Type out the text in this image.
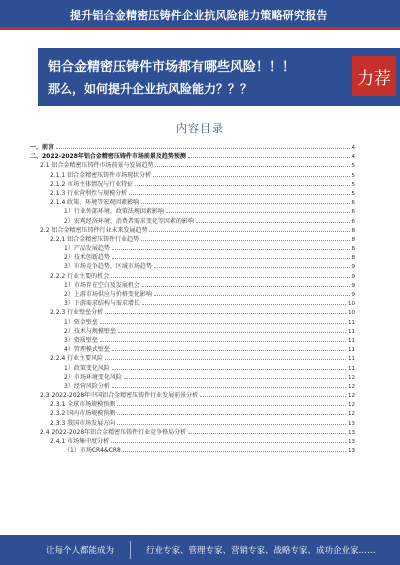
提升铝合金精密压铸件企业抗风险能力策略研究报告
铝合金精密压铸件市场都有哪些风险！！！
那么，如何提升企业抗风险能力？？？
力荐
内容目录
一、前言	4
二、2022-2028年铝合金精密压铸件市场前景及趋势预测	4
2.1 铝合金精密压铸件市场前景与发展趋势	5
2.1.1 铝合金精密压铸件市场现状分析	5
2.1.2 市场主体情况与行业特征	5
2.1.3 行业营利性与规模分析	5
2.1.4 政策、环境等宏观因素影响	6
1）行业外部环境、政策法规因素影响	6
2）宏观经济环境、消费者需求变化等因素的影响	6
2.2 铝合金精密压铸件行业未来发展趋势	8
2.2.1 铝合金精密压铸件行业趋势	8
1）产品发展趋势	8
2）技术创新趋势	8
3）市场竞争趋势、区域市场趋势	9
2.2.2 行业主要的机会	9
1）市场存在空白及发展机会	9
2）上游市场供应与价格变化影响	9
3）下游需求结构与需求增长	10
2.2.3 行业壁垒分析	10
1）资金壁垒	11
2）技术与规模壁垒	11
3）资质壁垒	11
4）管理模式壁垒	11
2.2.4 行业主要风险	11
1）政策变化风险	11
2）市场环境变化风险	12
3）经营风险分析	12
2.3 2022-2028年中国铝合金精密压铸件行业发展前景分析	12
2.3.1 全球市场规模预测	12
2.3.2 国内市场规模预测	12
2.3.3 我国市场发展方向	13
2.4 2022-2028年铝合金精密压铸件行业竞争格局分析	13
2.4.1 市场集中度分析	13
（1）市场CR4&CR8	13
让每个人都能成为	行业专家、管理专家、营销专家、战略专家、成功企业家……
